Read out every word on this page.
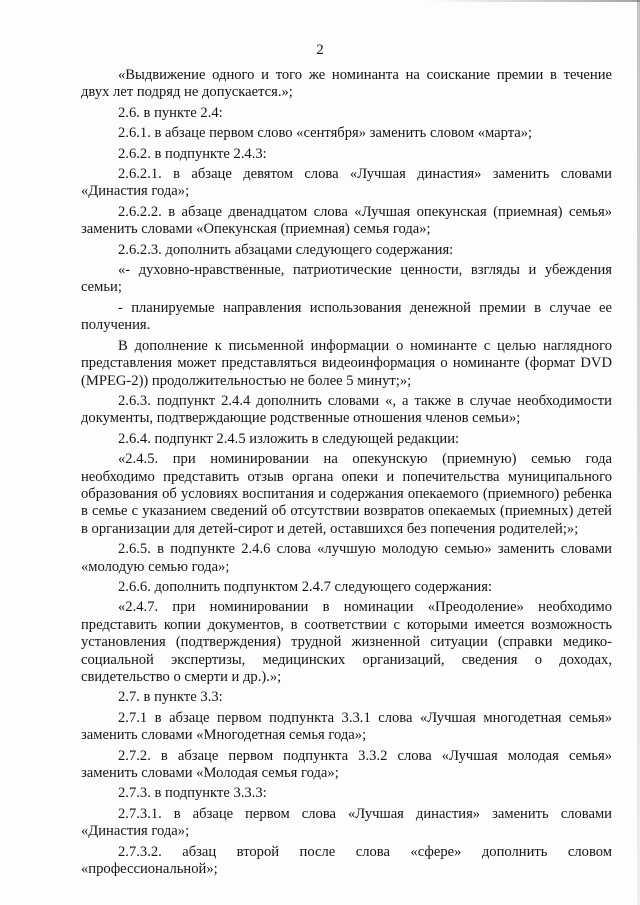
2

«Выдвижение одного и того же номинанта на соискание премии в течение двух лет подряд не допускается.»;

2.6. в пункте 2.4:

2.6.1. в абзаце первом слово «сентября» заменить словом «марта»;

2.6.2. в подпункте 2.4.3:

2.6.2.1. в абзаце девятом слова «Лучшая династия» заменить словами «Династия года»;

2.6.2.2. в абзаце двенадцатом слова «Лучшая опекунская (приемная) семья» заменить словами «Опекунская (приемная) семья года»;

2.6.2.3. дополнить абзацами следующего содержания:

«- духовно-нравственные, патриотические ценности, взгляды и убеждения семьи;

- планируемые направления использования денежной премии в случае ее получения.

В дополнение к письменной информации о номинанте с целью наглядного представления может представляться видеоинформация о номинанте (формат DVD (MPEG-2)) продолжительностью не более 5 минут;»;

2.6.3. подпункт 2.4.4 дополнить словами «, а также в случае необходимости документы, подтверждающие родственные отношения членов семьи»;

2.6.4. подпункт 2.4.5 изложить в следующей редакции:

«2.4.5. при номинировании на опекунскую (приемную) семью года необходимо представить отзыв органа опеки и попечительства муниципального образования об условиях воспитания и содержания опекаемого (приемного) ребенка в семье с указанием сведений об отсутствии возвратов опекаемых (приемных) детей в организации для детей-сирот и детей, оставшихся без попечения родителей;»;

2.6.5. в подпункте 2.4.6 слова «лучшую молодую семью» заменить словами «молодую семью года»;

2.6.6. дополнить подпунктом 2.4.7 следующего содержания:

«2.4.7. при номинировании в номинации «Преодоление» необходимо представить копии документов, в соответствии с которыми имеется возможность установления (подтверждения) трудной жизненной ситуации (справки медико-социальной экспертизы, медицинских организаций, сведения о доходах, свидетельство о смерти и др.).»;

2.7. в пункте 3.3:

2.7.1 в абзаце первом подпункта 3.3.1 слова «Лучшая многодетная семья» заменить словами «Многодетная семья года»;

2.7.2. в абзаце первом подпункта 3.3.2 слова «Лучшая молодая семья» заменить словами «Молодая семья года»;

2.7.3. в подпункте 3.3.3:

2.7.3.1. в абзаце первом слова «Лучшая династия» заменить словами «Династия года»;

2.7.3.2. абзац второй после слова «сфере» дополнить словом «профессиональной»;
